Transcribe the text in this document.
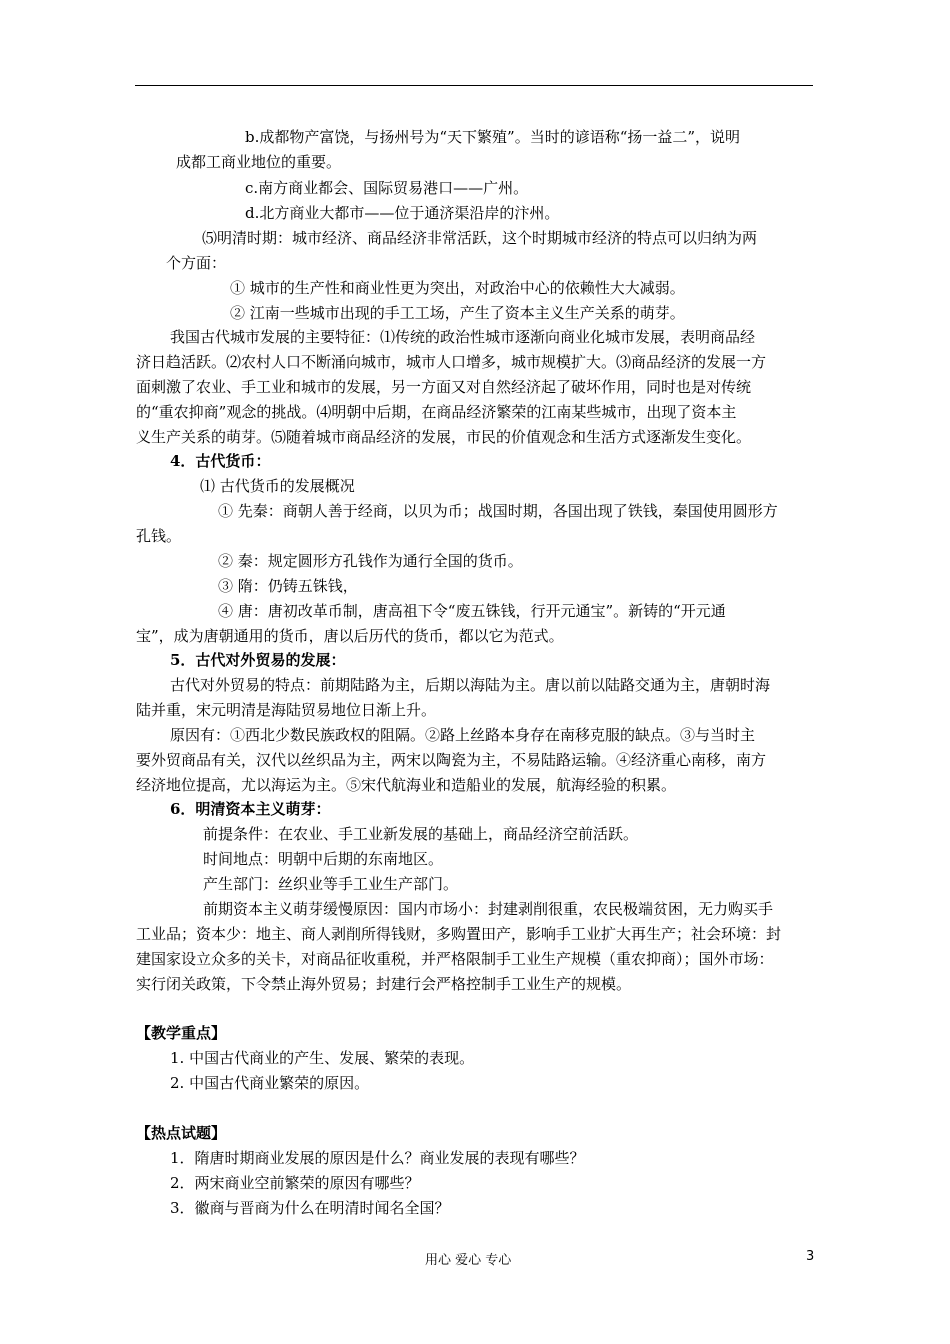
b.成都物产富饶，与扬州号为“天下繁殖”。当时的谚语称“扬一益二”，说明
成都工商业地位的重要。
c.南方商业都会、国际贸易港口——广州。
d.北方商业大都市——位于通济渠沿岸的汴州。
⑸明清时期：城市经济、商品经济非常活跃，这个时期城市经济的特点可以归纳为两
个方面：
① 城市的生产性和商业性更为突出，对政治中心的依赖性大大减弱。
② 江南一些城市出现的手工工场，产生了资本主义生产关系的萌芽。
我国古代城市发展的主要特征：⑴传统的政治性城市逐渐向商业化城市发展，表明商品经
济日趋活跃。⑵农村人口不断涌向城市，城市人口增多，城市规模扩大。⑶商品经济的发展一方
面刺激了农业、手工业和城市的发展，另一方面又对自然经济起了破坏作用，同时也是对传统
的“重农抑商”观念的挑战。⑷明朝中后期，在商品经济繁荣的江南某些城市，出现了资本主
义生产关系的萌芽。⑸随着城市商品经济的发展，市民的价值观念和生活方式逐渐发生变化。
4．古代货币：
⑴ 古代货币的发展概况
① 先秦：商朝人善于经商，以贝为币；战国时期，各国出现了铁钱，秦国使用圆形方
孔钱。
② 秦：规定圆形方孔钱作为通行全国的货币。
③ 隋：仍铸五铢钱，
④ 唐：唐初改革币制，唐高祖下令“废五铢钱，行开元通宝”。新铸的“开元通
宝”，成为唐朝通用的货币，唐以后历代的货币，都以它为范式。
5．古代对外贸易的发展：
古代对外贸易的特点：前期陆路为主，后期以海陆为主。唐以前以陆路交通为主，唐朝时海
陆并重，宋元明清是海陆贸易地位日渐上升。
原因有：①西北少数民族政权的阻隔。②路上丝路本身存在南移克服的缺点。③与当时主
要外贸商品有关，汉代以丝织品为主，两宋以陶瓷为主，不易陆路运输。④经济重心南移，南方
经济地位提高，尤以海运为主。⑤宋代航海业和造船业的发展，航海经验的积累。
6．明清资本主义萌芽：
前提条件：在农业、手工业新发展的基础上，商品经济空前活跃。
时间地点：明朝中后期的东南地区。
产生部门：丝织业等手工业生产部门。
前期资本主义萌芽缓慢原因：国内市场小：封建剥削很重，农民极端贫困，无力购买手
工业品；资本少：地主、商人剥削所得钱财，多购置田产，影响手工业扩大再生产；社会环境：封
建国家设立众多的关卡，对商品征收重税，并严格限制手工业生产规模（重农抑商）；国外市场：
实行闭关政策，下令禁止海外贸易；封建行会严格控制手工业生产的规模。
【教学重点】
1. 中国古代商业的产生、发展、繁荣的表现。
2. 中国古代商业繁荣的原因。
【热点试题】
1．隋唐时期商业发展的原因是什么？商业发展的表现有哪些？
2．两宋商业空前繁荣的原因有哪些？
3．徽商与晋商为什么在明清时闻名全国？
用心 爱心 专心	3
